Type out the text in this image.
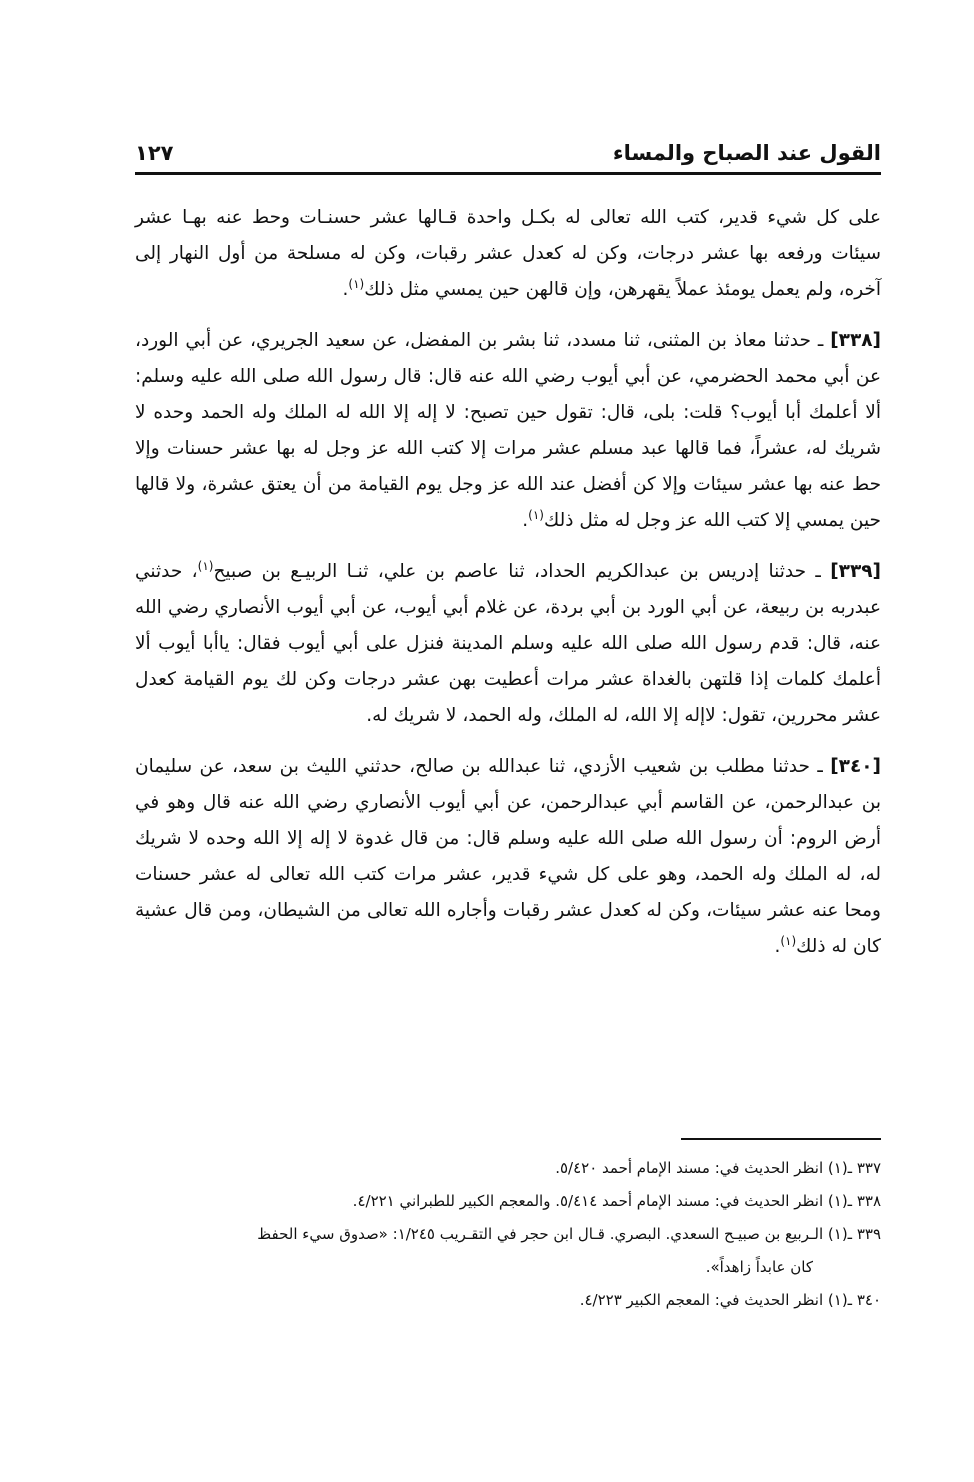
القول عند الصباح والمساء
١٢٧

على كل شيء قدير، كتب الله تعالى له بكـل واحدة قـالها عشر حسنـات وحط عنه بهـا عشر سيئات ورفعه بها عشر درجات، وكن له كعدل عشر رقبات، وكن له مسلحة من أول النهار إلى آخره، ولم يعمل يومئذ عملاً يقهرهن، وإن قالهن حين يمسي مثل ذلك$^{(١)}$.

[٣٣٨] ـ حدثنا معاذ بن المثنى، ثنا مسدد، ثنا بشر بن المفضل، عن سعيد الجريري، عن أبي الورد، عن أبي محمد الحضرمي، عن أبي أيوب رضي الله عنه قال: قال رسول الله صلى الله عليه وسلم: ألا أعلمك أبا أيوب؟ قلت: بلى، قال: تقول حين تصبح: لا إله إلا الله له الملك وله الحمد وحده لا شريك له، عشراً، فما قالها عبد مسلم عشر مرات إلا كتب الله عز وجل له بها عشر حسنات وإلا حط عنه بها عشر سيئات وإلا كن أفضل عند الله عز وجل يوم القيامة من أن يعتق عشرة، ولا قالها حين يمسي إلا كتب الله عز وجل له مثل ذلك$^{(١)}$.

[٣٣٩] ـ حدثنا إدريس بن عبدالكريم الحداد، ثنا عاصم بن علي، ثنـا الربيـع بن صبيح$^{(١)}$، حدثني عبدربه بن ربيعة، عن أبي الورد بن أبي بردة، عن غلام أبي أيوب، عن أبي أيوب الأنصاري رضي الله عنه، قال: قدم رسول الله صلى الله عليه وسلم المدينة فنزل على أبي أيوب فقال: ياأبا أيوب ألا أعلمك كلمات إذا قلتهن بالغداة عشر مرات أعطيت بهن عشر درجات وكن لك يوم القيامة كعدل عشر محررين، تقول: لاإله إلا الله، له الملك، وله الحمد، لا شريك له.

[٣٤٠] ـ حدثنا مطلب بن شعيب الأزدي، ثنا عبدالله بن صالح، حدثني الليث بن سعد، عن سليمان بن عبدالرحمن، عن القاسم أبي عبدالرحمن، عن أبي أيوب الأنصاري رضي الله عنه قال وهو في أرض الروم: أن رسول الله صلى الله عليه وسلم قال: من قال غدوة لا إله إلا الله وحده لا شريك له، له الملك وله الحمد، وهو على كل شيء قدير، عشر مرات كتب الله تعالى له عشر حسنات ومحا عنه عشر سيئات، وكن له كعدل عشر رقبات وأجاره الله تعالى من الشيطان، ومن قال عشية كان له ذلك$^{(١)}$.

٣٣٧ ـ(١) انظر الحديث في: مسند الإمام أحمد ٥/٤٢٠.

٣٣٨ ـ(١) انظر الحديث في: مسند الإمام أحمد ٥/٤١٤. والمعجم الكبير للطبراني ٤/٢٢١.

٣٣٩ ـ(١) الـربيع بن صبيـح السعدي. البصري. قـال ابن حجر في التقـريب ١/٢٤٥: «صدوق سيء الحفظ

كان عابداً زاهداً».

٣٤٠ ـ(١) انظر الحديث في: المعجم الكبير ٤/٢٢٣.
